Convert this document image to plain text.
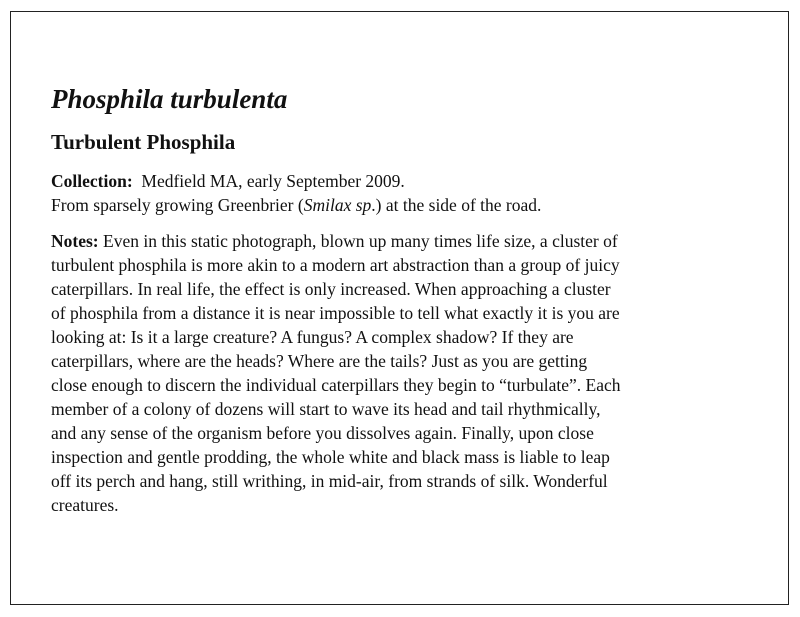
Phosphila turbulenta
Turbulent Phosphila

Collection: Medfield MA, early September 2009.
From sparsely growing Greenbrier (Smilax sp.) at the side of the road.

Notes: Even in this static photograph, blown up many times life size, a cluster of
turbulent phosphila is more akin to a modern art abstraction than a group of juicy
caterpillars. In real life, the effect is only increased. When approaching a cluster
of phosphila from a distance it is near impossible to tell what exactly it is you are
looking at: Is it a large creature? A fungus? A complex shadow? If they are
caterpillars, where are the heads? Where are the tails? Just as you are getting
close enough to discern the individual caterpillars they begin to “turbulate”. Each
member of a colony of dozens will start to wave its head and tail rhythmically,
and any sense of the organism before you dissolves again. Finally, upon close
inspection and gentle prodding, the whole white and black mass is liable to leap
off its perch and hang, still writhing, in mid-air, from strands of silk. Wonderful
creatures.
